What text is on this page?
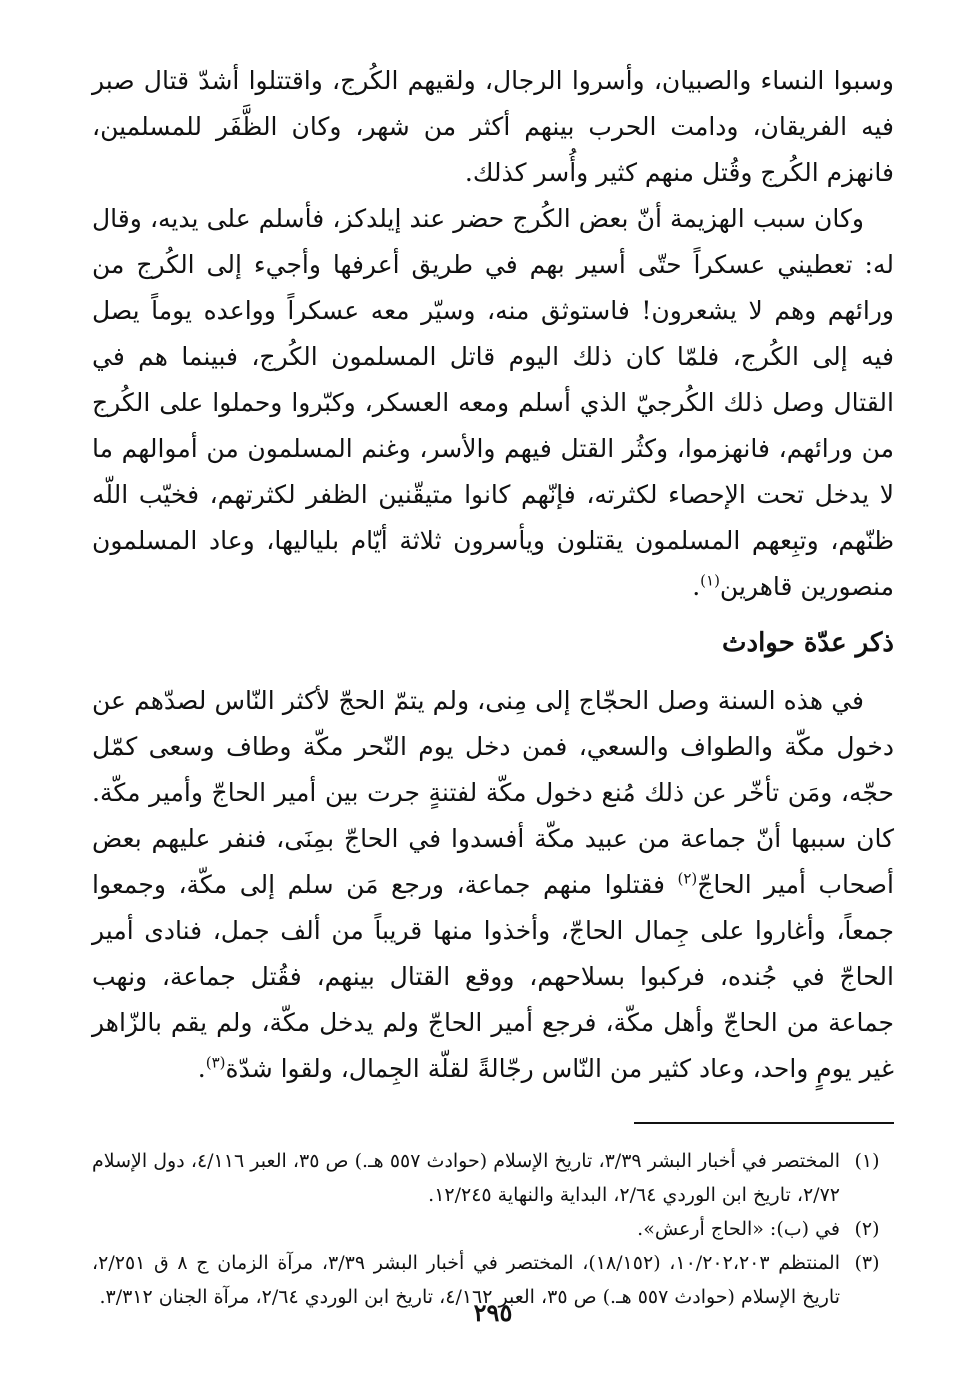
وسبوا النساء والصبيان، وأسروا الرجال، ولقيهم الكُرج، واقتتلوا أشدّ قتال صبر فيه الفريقان، ودامت الحرب بينهم أكثر من شهر، وكان الظَّفَر للمسلمين، فانهزم الكُرج وقُتل منهم كثير وأُسر كذلك.

وكان سبب الهزيمة أنّ بعض الكُرج حضر عند إيلدكز، فأسلم على يديه، وقال له: تعطيني عسكراً حتّى أسير بهم في طريق أعرفها وأجيء إلى الكُرج من ورائهم وهم لا يشعرون! فاستوثق منه، وسيّر معه عسكراً وواعده يوماً يصل فيه إلى الكُرج، فلمّا كان ذلك اليوم قاتل المسلمون الكُرج، فبينما هم في القتال وصل ذلك الكُرجيّ الذي أسلم ومعه العسكر، وكبّروا وحملوا على الكُرج من ورائهم، فانهزموا، وكثُر القتل فيهم والأسر، وغنم المسلمون من أموالهم ما لا يدخل تحت الإحصاء لكثرته، فإنّهم كانوا متيقّنين الظفر لكثرتهم، فخيّب اللّه ظنّهم، وتبِعهم المسلمون يقتلون ويأسرون ثلاثة أيّام بلياليها، وعاد المسلمون منصورين قاهرين$^{(١)}$.

ذكر عدّة حوادث

في هذه السنة وصل الحجّاج إلى مِنى، ولم يتمّ الحجّ لأكثر النّاس لصدّهم عن دخول مكّة والطواف والسعي، فمن دخل يوم النّحر مكّة وطاف وسعى كمّل حجّه، ومَن تأخّر عن ذلك مُنع دخول مكّة لفتنةٍ جرت بين أمير الحاجّ وأمير مكّة. كان سببها أنّ جماعة من عبيد مكّة أفسدوا في الحاجّ بمِنَى، فنفر عليهم بعض أصحاب أمير الحاجّ$^{(٢)}$ فقتلوا منهم جماعة، ورجع مَن سلم إلى مكّة، وجمعوا جمعاً، وأغاروا على جِمال الحاجّ، وأخذوا منها قريباً من ألف جمل، فنادى أمير الحاجّ في جُنده، فركبوا بسلاحهم، ووقع القتال بينهم، فقُتل جماعة، ونهب جماعة من الحاجّ وأهل مكّة، فرجع أمير الحاجّ ولم يدخل مكّة، ولم يقم بالزّاهر غير يومٍ واحد، وعاد كثير من النّاس رجّالةً لقلّة الجِمال، ولقوا شدّة$^{(٣)}$.

(١)
المختصر في أخبار البشر ٣/٣٩، تاريخ الإسلام (حوادث ٥٥٧ هـ.) ص ٣٥، العبر ٤/١١٦، دول الإسلام ٢/٧٢، تاريخ ابن الوردي ٢/٦٤، البداية والنهاية ١٢/٢٤٥.
(٢)
في (ب): «الحاج أرعش».
(٣)
المنتظم ١٠/٢٠٢،٢٠٣، (١٨/١٥٢)، المختصر في أخبار البشر ٣/٣٩، مرآة الزمان ج ٨ ق ٢/٢٥١، تاريخ الإسلام (حوادث ٥٥٧ هـ.) ص ٣٥، العبر ٤/١٦٢، تاريخ ابن الوردي ٢/٦٤، مرآة الجنان ٣/٣١٢.
٢٩٥
